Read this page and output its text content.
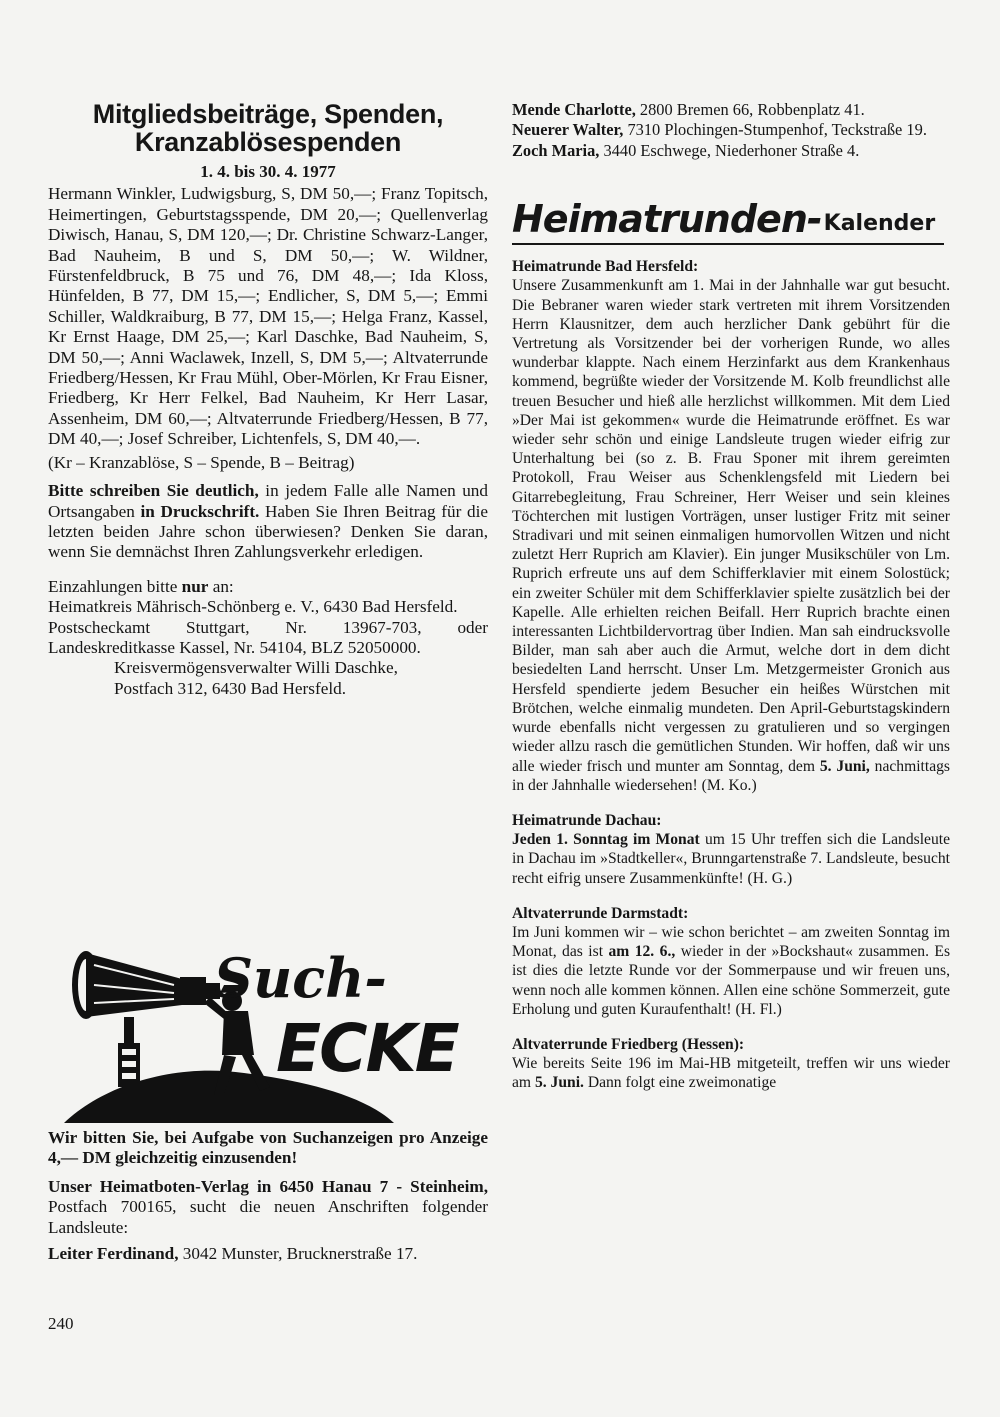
Mitgliedsbeiträge, Spenden, Kranzablösespenden

1. 4. bis 30. 4. 1977

Hermann Winkler, Ludwigsburg, S, DM 50,—; Franz Topitsch, Heimertingen, Geburtstagsspende, DM 20,—; Quellenverlag Diwisch, Hanau, S, DM 120,—; Dr. Christine Schwarz-Langer, Bad Nauheim, B und S, DM 50,—; W. Wildner, Fürstenfeldbruck, B 75 und 76, DM 48,—; Ida Kloss, Hünfelden, B 77, DM 15,—; Endlicher, S, DM 5,—; Emmi Schiller, Waldkraiburg, B 77, DM 15,—; Helga Franz, Kassel, Kr Ernst Haage, DM 25,—; Karl Daschke, Bad Nauheim, S, DM 50,—; Anni Waclawek, Inzell, S, DM 5,—; Altvaterrunde Friedberg/Hessen, Kr Frau Mühl, Ober-Mörlen, Kr Frau Eisner, Friedberg, Kr Herr Felkel, Bad Nauheim, Kr Herr Lasar, Assenheim, DM 60,—; Altvaterrunde Friedberg/Hessen, B 77, DM 40,—; Josef Schreiber, Lichtenfels, S, DM 40,—.

(Kr – Kranzablöse, S – Spende, B – Beitrag)

Bitte schreiben Sie deutlich, in jedem Falle alle Namen und Ortsangaben in Druckschrift. Haben Sie Ihren Beitrag für die letzten beiden Jahre schon überwiesen? Denken Sie daran, wenn Sie demnächst Ihren Zahlungsverkehr erledigen.

Einzahlungen bitte nur an:

Heimatkreis Mährisch-Schönberg e. V., 6430 Bad Hersfeld.

Postscheckamt Stuttgart, Nr. 13967-703, oder Landeskreditkasse Kassel, Nr. 54104, BLZ 52050000.

Kreisvermögensverwalter Willi Daschke,

Postfach 312, 6430 Bad Hersfeld.

Such-
ECKE

Wir bitten Sie, bei Aufgabe von Suchanzeigen pro Anzeige 4,— DM gleichzeitig einzusenden!

Unser Heimatboten-Verlag in 6450 Hanau 7 - Steinheim, Postfach 700165, sucht die neuen Anschriften folgender Landsleute:

Leiter Ferdinand, 3042 Munster, Brucknerstraße 17.

240

Mende Charlotte, 2800 Bremen 66, Robbenplatz 41.

Neuerer Walter, 7310 Plochingen-Stumpenhof, Teckstraße 19.

Zoch Maria, 3440 Eschwege, Niederhoner Straße 4.

Heimatrunden- Kalender
Heimatrunde Bad Hersfeld:

Unsere Zusammenkunft am 1. Mai in der Jahnhalle war gut besucht. Die Bebraner waren wieder stark vertreten mit ihrem Vorsitzenden Herrn Klausnitzer, dem auch herzlicher Dank gebührt für die Vertretung als Vorsitzender bei der vorherigen Runde, wo alles wunderbar klappte. Nach einem Herzinfarkt aus dem Krankenhaus kommend, begrüßte wieder der Vorsitzende M. Kolb freundlichst alle treuen Besucher und hieß alle herzlichst willkommen. Mit dem Lied »Der Mai ist gekommen« wurde die Heimatrunde eröffnet. Es war wieder sehr schön und einige Landsleute trugen wieder eifrig zur Unterhaltung bei (so z. B. Frau Sponer mit ihrem gereimten Protokoll, Frau Weiser aus Schenklengsfeld mit Liedern bei Gitarrebegleitung, Frau Schreiner, Herr Weiser und sein kleines Töchterchen mit lustigen Vorträgen, unser lustiger Fritz mit seiner Stradivari und mit seinen einmaligen humorvollen Witzen und nicht zuletzt Herr Ruprich am Klavier). Ein junger Musikschüler von Lm. Ruprich erfreute uns auf dem Schifferklavier mit einem Solostück; ein zweiter Schüler mit dem Schifferklavier spielte zusätzlich bei der Kapelle. Alle erhielten reichen Beifall. Herr Ruprich brachte einen interessanten Lichtbildervortrag über Indien. Man sah eindrucksvolle Bilder, man sah aber auch die Armut, welche dort in dem dicht besiedelten Land herrscht. Unser Lm. Metzgermeister Gronich aus Hersfeld spendierte jedem Besucher ein heißes Würstchen mit Brötchen, welche einmalig mundeten. Den April-Geburtstagskindern wurde ebenfalls nicht vergessen zu gratulieren und so vergingen wieder allzu rasch die gemütlichen Stunden. Wir hoffen, daß wir uns alle wieder frisch und munter am Sonntag, dem 5. Juni, nachmittags in der Jahnhalle wiedersehen! (M. Ko.)

Heimatrunde Dachau:

Jeden 1. Sonntag im Monat um 15 Uhr treffen sich die Landsleute in Dachau im »Stadtkeller«, Brunngartenstraße 7. Landsleute, besucht recht eifrig unsere Zusammenkünfte! (H. G.)

Altvaterrunde Darmstadt:

Im Juni kommen wir – wie schon berichtet – am zweiten Sonntag im Monat, das ist am 12. 6., wieder in der »Bockshaut« zusammen. Es ist dies die letzte Runde vor der Sommerpause und wir freuen uns, wenn noch alle kommen können. Allen eine schöne Sommerzeit, gute Erholung und guten Kuraufenthalt! (H. Fl.)

Altvaterrunde Friedberg (Hessen):

Wie bereits Seite 196 im Mai-HB mitgeteilt, treffen wir uns wieder am 5. Juni. Dann folgt eine zweimonatige
